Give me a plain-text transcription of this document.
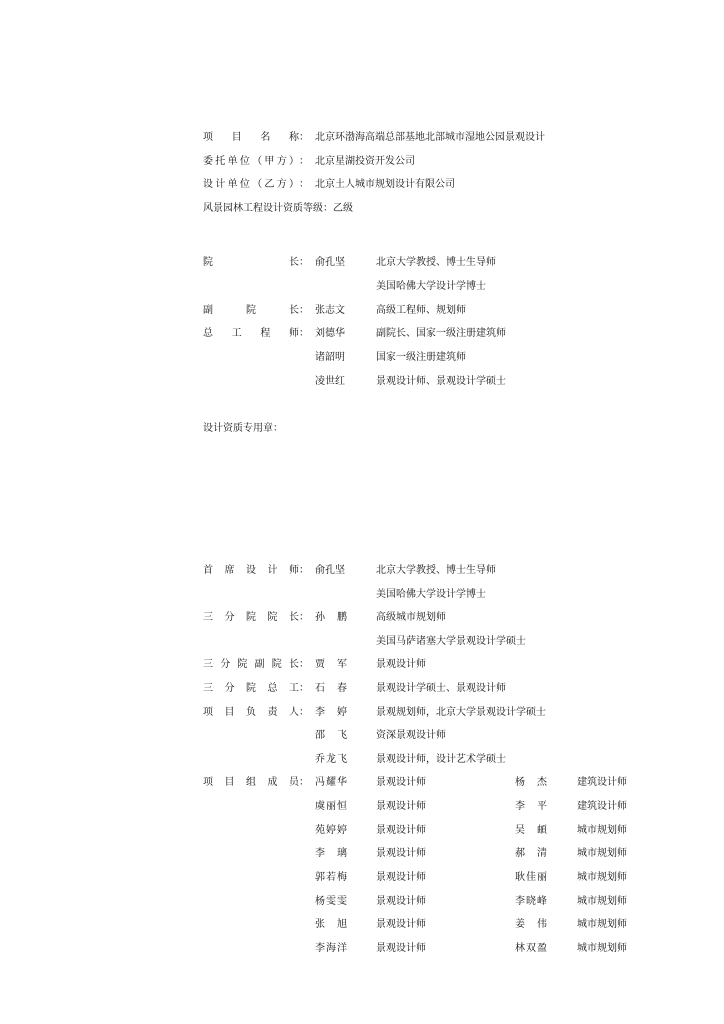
项 目 名 称 ： 北京环渤海高端总部基地北部城市湿地公园景观设计
委 托 单 位 （ 甲 方 ） ： 北京星湖投资开发公司
设 计 单 位 （ 乙 方 ） ： 北京土人城市规划设计有限公司
风景园林工程设计资质等级：乙级
院	长 ： 俞孔坚	北京大学教授、博士生导师
美国哈佛大学设计学博士
副	院	长 ： 张志文	高级工程师、规划师
总 工 程 师 ： 刘德华	副院长、国家一级注册建筑师
诸韶明	国家一级注册建筑师
凌世红	景观设计师、景观设计学硕士
设计资质专用章：
首 席 设 计 师 ： 俞孔坚	北京大学教授、博士生导师
美国哈佛大学设计学博士
三 分 院 院 长 ： 孙 鹏	高级城市规划师
美国马萨诸塞大学景观设计学硕士
三 分 院 副 院 长 ： 贾 军	景观设计师
三 分 院 总 工 ： 石 春	景观设计学硕士、景观设计师
项 目 负 责 人 ： 李 婷	景观规划师，北京大学景观设计学硕士
邵 飞	资深景观设计师
乔 龙 飞	景观设计师，设计艺术学硕士
项 目 组 成 员 ： 冯 耀 华	景观设计师	杨 杰	建筑设计师
虞 丽 恒	景观设计师	李 平	建筑设计师
苑 婷 婷	景观设计师	吴 頔	城市规划师
李 璃	景观设计师	郝 清	城市规划师
郭 若 梅	景观设计师	耿 佳 丽	城市规划师
杨 雯 雯	景观设计师	李 晓 峰	城市规划师
张 旭	景观设计师	姜 伟	城市规划师
李 海 洋	景观设计师	林 双 盈	城市规划师
